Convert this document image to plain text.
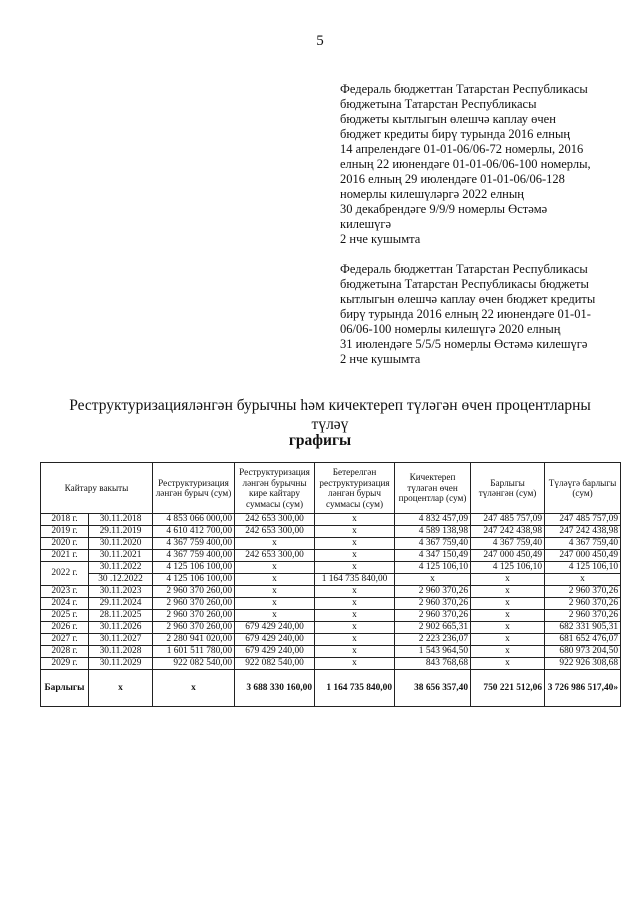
5

Федераль бюджеттан Татарстан Республикасы

бюджетына Татарстан Республикасы

бюджеты кытлыгын өлешчә каплау өчен

бюджет кредиты бирү турында 2016 елның

14 апрелендәге 01-01-06/06-72 номерлы, 2016

елның 22 июнендәге 01-01-06/06-100 номерлы,

2016 елның 29 июлендәге 01-01-06/06-128

номерлы килешүләргә 2022 елның

30 декабрендәге 9/9/9 номерлы Өстәмә

килешүгә

2 нче кушымта

Федераль бюджеттан Татарстан Республикасы

бюджетына Татарстан Республикасы бюджеты

кытлыгын өлешчә каплау өчен бюджет кредиты

бирү турында 2016 елның 22 июнендәге 01-01-

06/06-100 номерлы килешүгә 2020 елның

31 июлендәге 5/5/5 номерлы Өстәмә килешүгә

2 нче кушымта

Реструктуризацияләнгән бурычны һәм кичектереп түләгән өчен процентларны
түләү
графигы
Кайтару вакыты		Реструктуризация ләнгән бурыч (сум)	Реструктуризация ләнгән бурычны кире кайтару суммасы (сум)	Бетерелгән реструктуризация ләнгән бурыч суммасы (сум)	Кичектереп түләгән өчен процентлар (сум)	Барлыгы түләнгән (сум)	Түләүгә барлыгы (сум)
2018 г.	30.11.2018	4 853 066 000,00	242 653 300,00	х	4 832 457,09	247 485 757,09	247 485 757,09
2019 г.	29.11.2019	4 610 412 700,00	242 653 300,00	х	4 589 138,98	247 242 438,98	247 242 438,98
2020 г.	30.11.2020	4 367 759 400,00	х	х	4 367 759,40	4 367 759,40	4 367 759,40
2021 г.	30.11.2021	4 367 759 400,00	242 653 300,00	х	4 347 150,49	247 000 450,49	247 000 450,49
2022 г.	30.11.2022	4 125 106 100,00	х	х	4 125 106,10	4 125 106,10	4 125 106,10
	30 .12.2022	4 125 106 100,00	х	1 164 735 840,00	х	х	х
2023 г.	30.11.2023	2 960 370 260,00	х	х	2 960 370,26	х	2 960 370,26
2024 г.	29.11.2024	2 960 370 260,00	х	х	2 960 370,26	х	2 960 370,26
2025 г.	28.11.2025	2 960 370 260,00	х	х	2 960 370,26	х	2 960 370,26
2026 г.	30.11.2026	2 960 370 260,00	679 429 240,00	х	2 902 665,31	х	682 331 905,31
2027 г.	30.11.2027	2 280 941 020,00	679 429 240,00	х	2 223 236,07	х	681 652 476,07
2028 г.	30.11.2028	1 601 511 780,00	679 429 240,00	х	1 543 964,50	х	680 973 204,50
2029 г.	30.11.2029	922 082 540,00	922 082 540,00	х	843 768,68	х	922 926 308,68
Барлыгы	х	х	3 688 330 160,00	1 164 735 840,00	38 656 357,40	750 221 512,06	3 726 986 517,40»
